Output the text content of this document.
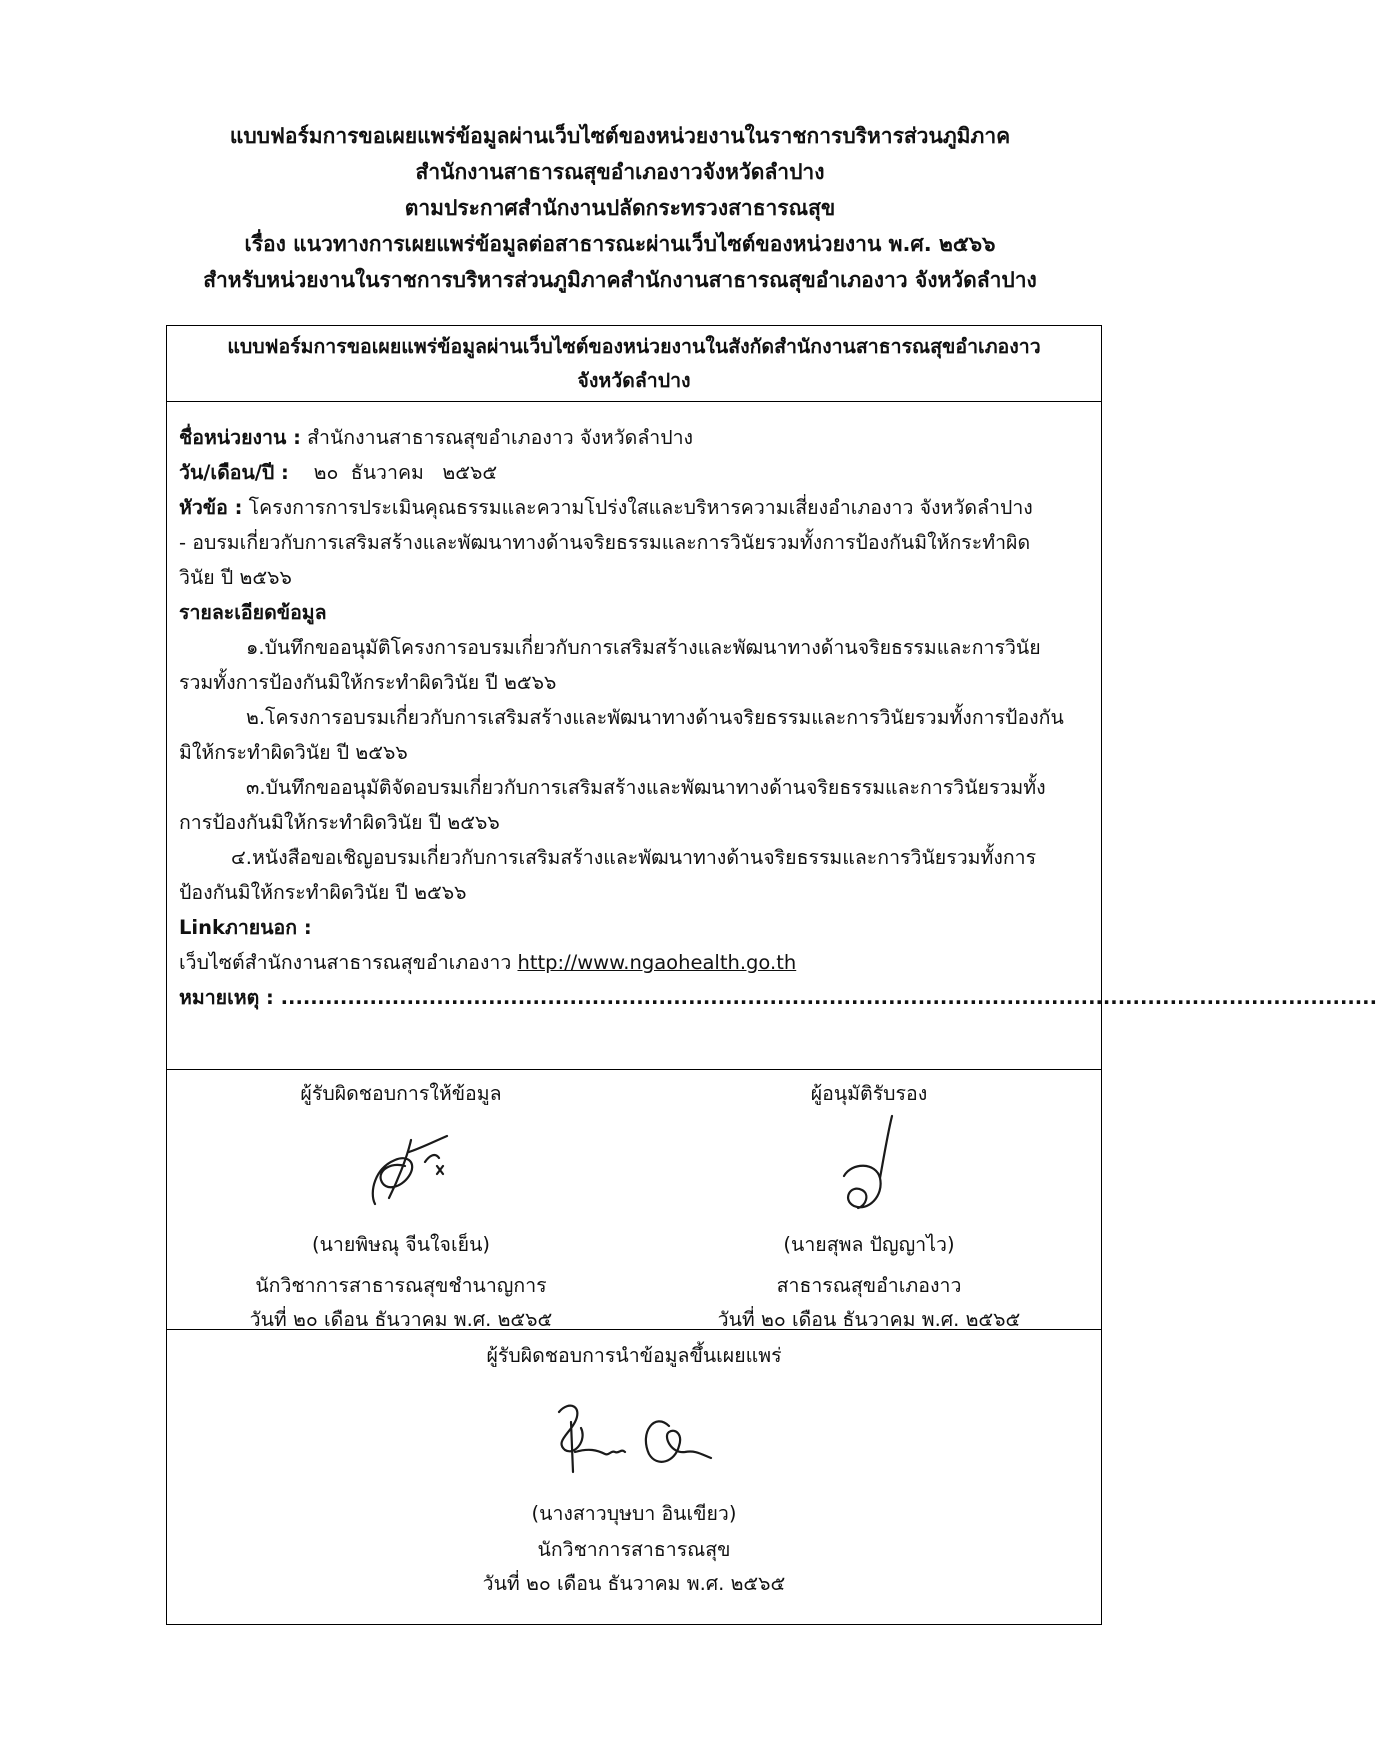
แบบฟอร์มการขอเผยแพร่ข้อมูลผ่านเว็บไซต์ของหน่วยงานในราชการบริหารส่วนภูมิภาค
สำนักงานสาธารณสุขอำเภองาวจังหวัดลำปาง
ตามประกาศสำนักงานปลัดกระทรวงสาธารณสุข
เรื่อง แนวทางการเผยแพร่ข้อมูลต่อสาธารณะผ่านเว็บไซต์ของหน่วยงาน พ.ศ. ๒๕๖๖
สำหรับหน่วยงานในราชการบริหารส่วนภูมิภาคสำนักงานสาธารณสุขอำเภองาว จังหวัดลำปาง
แบบฟอร์มการขอเผยแพร่ข้อมูลผ่านเว็บไซต์ของหน่วยงานในสังกัดสำนักงานสาธารณสุขอำเภองาว
จังหวัดลำปาง
ชื่อหน่วยงาน : สำนักงานสาธารณสุขอำเภองาว จังหวัดลำปาง
วัน/เดือน/ปี :    ๒๐  ธันวาคม   ๒๕๖๕
หัวข้อ : โครงการการประเมินคุณธรรมและความโปร่งใสและบริหารความเสี่ยงอำเภองาว จังหวัดลำปาง
- อบรมเกี่ยวกับการเสริมสร้างและพัฒนาทางด้านจริยธรรมและการวินัยรวมทั้งการป้องกันมิให้กระทำผิด
วินัย ปี ๒๕๖๖
รายละเอียดข้อมูล
๑.บันทึกขออนุมัติโครงการอบรมเกี่ยวกับการเสริมสร้างและพัฒนาทางด้านจริยธรรมและการวินัย
รวมทั้งการป้องกันมิให้กระทำผิดวินัย ปี ๒๕๖๖
๒.โครงการอบรมเกี่ยวกับการเสริมสร้างและพัฒนาทางด้านจริยธรรมและการวินัยรวมทั้งการป้องกัน
มิให้กระทำผิดวินัย ปี ๒๕๖๖
๓.บันทึกขออนุมัติจัดอบรมเกี่ยวกับการเสริมสร้างและพัฒนาทางด้านจริยธรรมและการวินัยรวมทั้ง
การป้องกันมิให้กระทำผิดวินัย ปี ๒๕๖๖
๔.หนังสือขอเชิญอบรมเกี่ยวกับการเสริมสร้างและพัฒนาทางด้านจริยธรรมและการวินัยรวมทั้งการ
ป้องกันมิให้กระทำผิดวินัย ปี ๒๕๖๖
Linkภายนอก :
เว็บไซต์สำนักงานสาธารณสุขอำเภองาว http://www.ngaohealth.go.th
หมายเหตุ : ....................................................................................................................................................
ผู้รับผิดชอบการให้ข้อมูล
(นายพิษณุ จีนใจเย็น)
นักวิชาการสาธารณสุขชำนาญการ
วันที่ ๒๐ เดือน ธันวาคม พ.ศ. ๒๕๖๕
ผู้อนุมัติรับรอง
(นายสุพล ปัญญาไว)
สาธารณสุขอำเภองาว
วันที่ ๒๐ เดือน ธันวาคม พ.ศ. ๒๕๖๕
ผู้รับผิดชอบการนำข้อมูลขึ้นเผยแพร่
(นางสาวบุษบา อินเขียว)
นักวิชาการสาธารณสุข
วันที่ ๒๐ เดือน ธันวาคม พ.ศ. ๒๕๖๕
